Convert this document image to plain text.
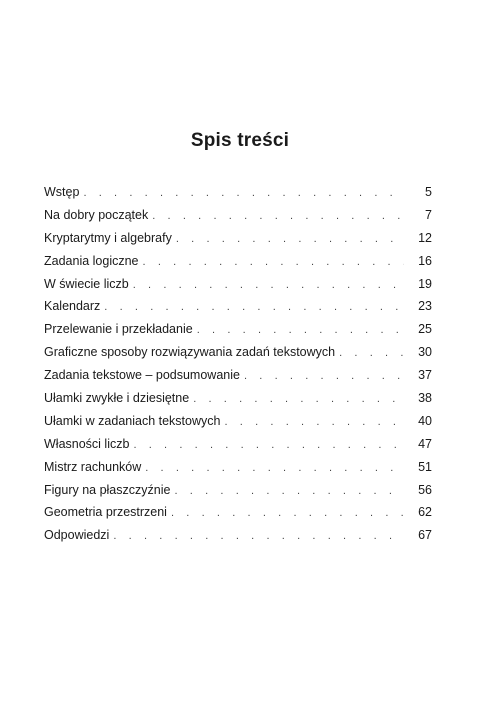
Spis treści
Wstęp . . .	5
Na dobry początek . . .	7
Kryptarytmy i algebrafy . . .	12
Zadania logiczne . . .	16
W świecie liczb . . .	19
Kalendarz . . .	23
Przelewanie i przekładanie . . .	25
Graficzne sposoby rozwiązywania zadań tekstowych . . .	30
Zadania tekstowe – podsumowanie . . .	37
Ułamki zwykłe i dziesiętne . . .	38
Ułamki w zadaniach tekstowych . . .	40
Własności liczb . . .	47
Mistrz rachunków . . .	51
Figury na płaszczyźnie . . .	56
Geometria przestrzeni . . .	62
Odpowiedzi . . .	67
